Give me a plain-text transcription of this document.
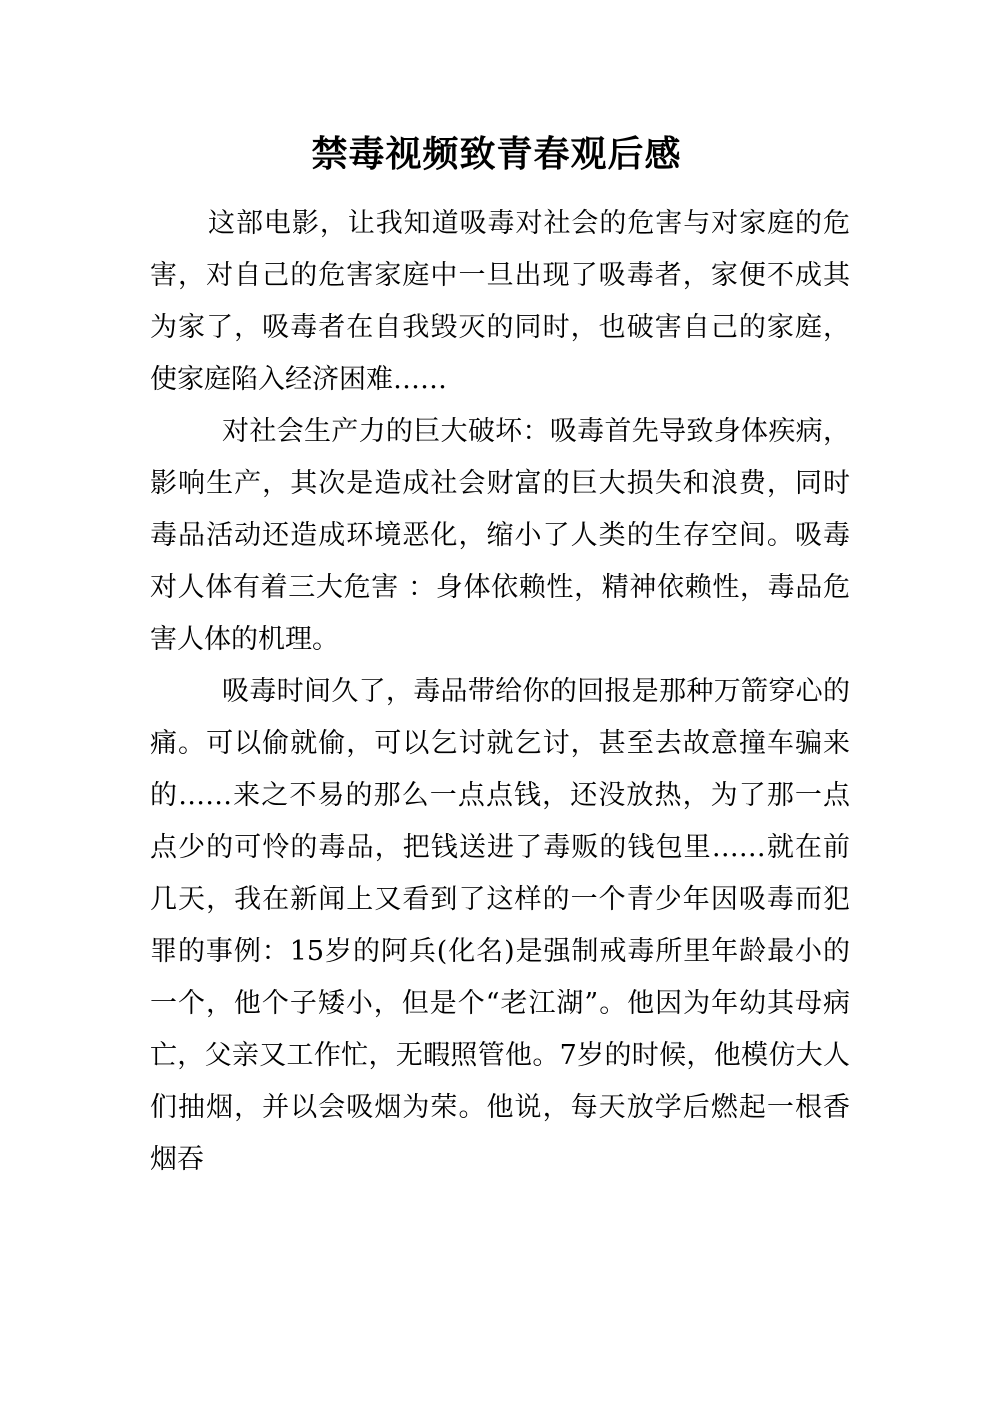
禁毒视频致青春观后感

这部电影，让我知道吸毒对社会的危害与对家庭的危害，对自己的危害家庭中一旦出现了吸毒者，家便不成其为家了，吸毒者在自我毁灭的同时，也破害自己的家庭，使家庭陷入经济困难……

对社会生产力的巨大破坏：吸毒首先导致身体疾病，影响生产，其次是造成社会财富的巨大损失和浪费，同时毒品活动还造成环境恶化，缩小了人类的生存空间。吸毒对人体有着三大危害 ：身体依赖性，精神依赖性，毒品危害人体的机理。

吸毒时间久了，毒品带给你的回报是那种万箭穿心的痛。可以偷就偷，可以乞讨就乞讨，甚至去故意撞车骗来的……来之不易的那么一点点钱，还没放热，为了那一点点少的可怜的毒品，把钱送进了毒贩的钱包里……就在前几天，我在新闻上又看到了这样的一个青少年因吸毒而犯罪的事例：15岁的阿兵(化名)是强制戒毒所里年龄最小的一个，他个子矮小，但是个“老江湖”。他因为年幼其母病亡，父亲又工作忙，无暇照管他。7岁的时候，他模仿大人们抽烟，并以会吸烟为荣。他说，每天放学后燃起一根香烟吞
